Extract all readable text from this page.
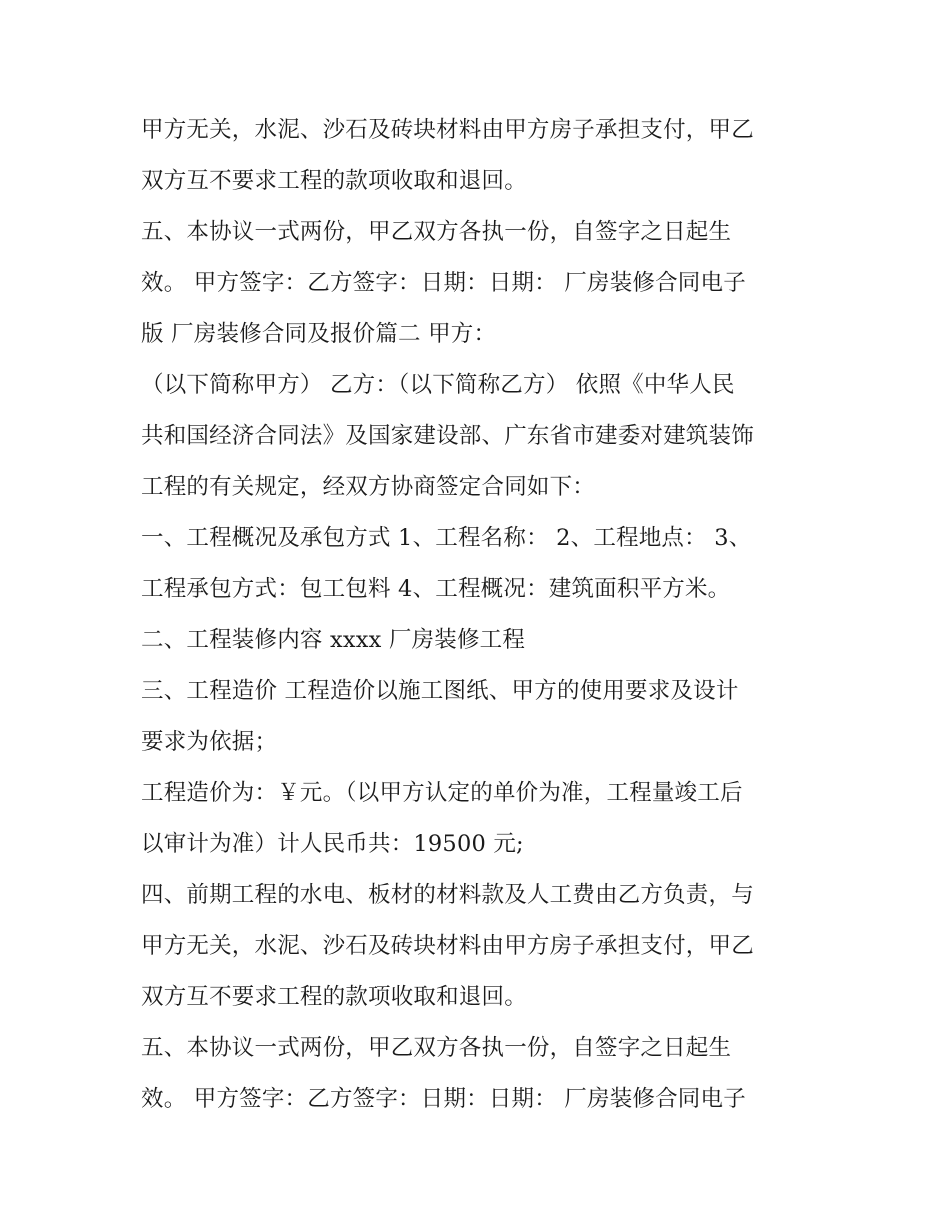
甲方无关，水泥、沙石及砖块材料由甲方房子承担支付，甲乙
双方互不要求工程的款项收取和退回。
五、本协议一式两份，甲乙双方各执一份，自签字之日起生
效。 甲方签字：乙方签字：日期：日期： 厂房装修合同电子
版 厂房装修合同及报价篇二 甲方：
（以下简称甲方） 乙方：（以下简称乙方） 依照《中华人民
共和国经济合同法》及国家建设部、广东省市建委对建筑装饰
工程的有关规定，经双方协商签定合同如下：
一、工程概况及承包方式 1、工程名称： 2、工程地点： 3、
工程承包方式：包工包料 4、工程概况：建筑面积平方米。
二、工程装修内容 xxxx 厂房装修工程
三、工程造价 工程造价以施工图纸、甲方的使用要求及设计
要求为依据；
工程造价为：￥元。（以甲方认定的单价为准，工程量竣工后
以审计为准）计人民币共：19500 元;
四、前期工程的水电、板材的材料款及人工费由乙方负责，与
甲方无关，水泥、沙石及砖块材料由甲方房子承担支付，甲乙
双方互不要求工程的款项收取和退回。
五、本协议一式两份，甲乙双方各执一份，自签字之日起生
效。 甲方签字：乙方签字：日期：日期： 厂房装修合同电子
